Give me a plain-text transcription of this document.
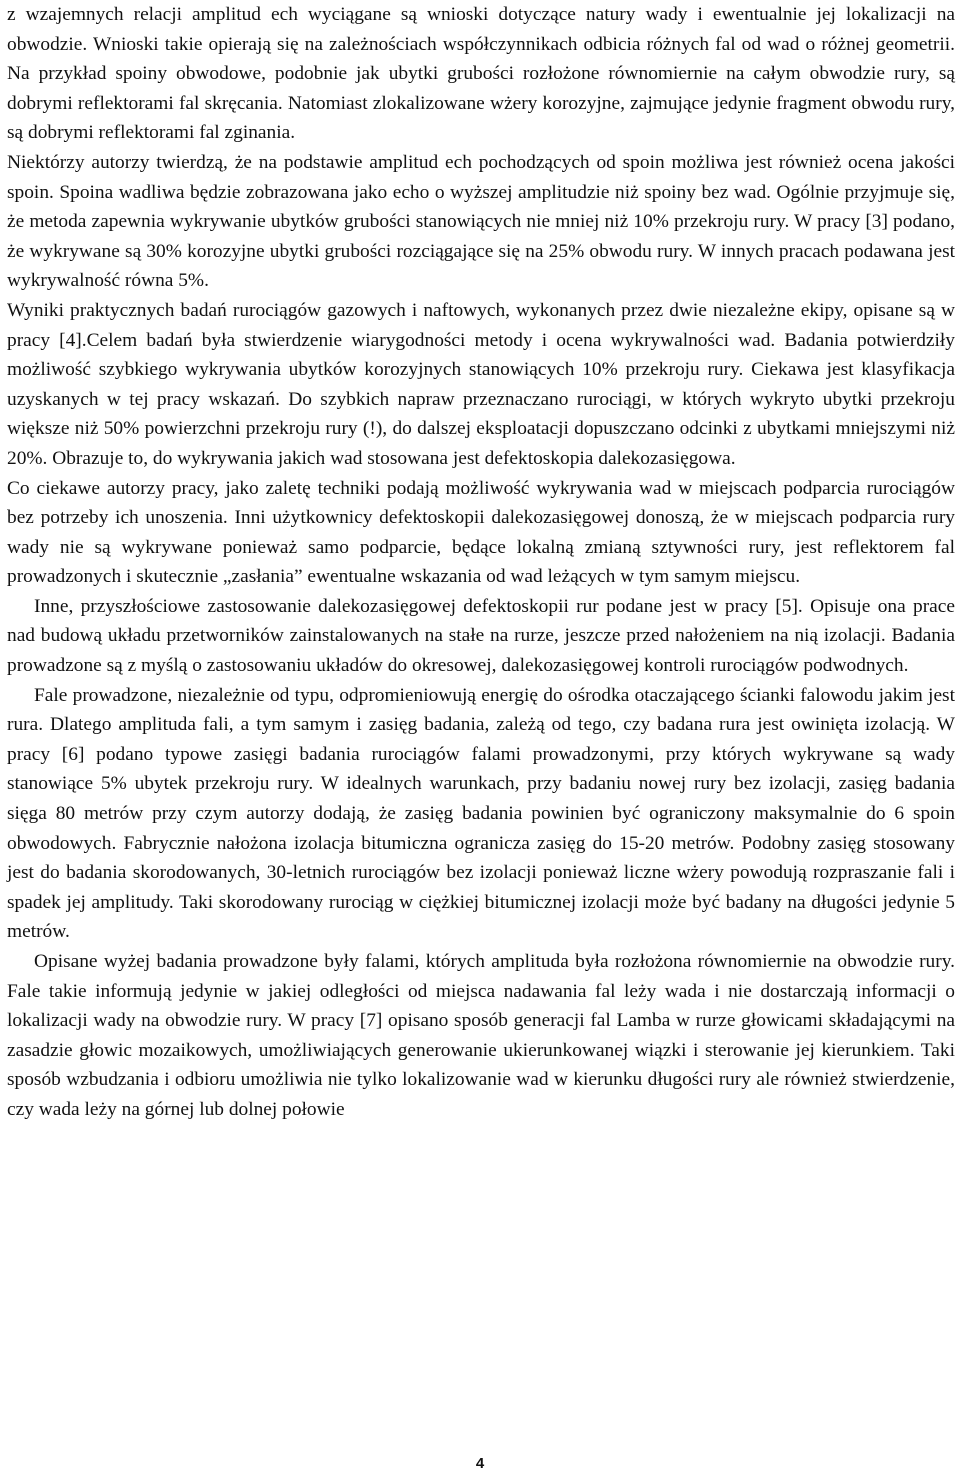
z wzajemnych relacji amplitud ech wyciągane są wnioski dotyczące natury wady i ewentualnie jej lokalizacji na obwodzie. Wnioski takie opierają się na zależnościach współczynnikach odbicia różnych fal od wad o różnej geometrii. Na przykład spoiny obwodowe, podobnie jak ubytki grubości rozłożone równomiernie na całym obwodzie rury, są dobrymi reflektorami fal skręcania. Natomiast zlokalizowane wżery korozyjne, zajmujące jedynie fragment obwodu rury, są dobrymi reflektorami fal zginania.

Niektórzy autorzy twierdzą, że na podstawie amplitud ech pochodzących od spoin możliwa jest również ocena jakości spoin. Spoina wadliwa będzie zobrazowana jako echo o wyższej amplitudzie niż spoiny bez wad. Ogólnie przyjmuje się, że metoda zapewnia wykrywanie ubytków grubości stanowiących nie mniej niż 10% przekroju rury. W pracy [3] podano, że wykrywane są 30% korozyjne ubytki grubości rozciągające się na 25% obwodu rury. W innych pracach podawana jest wykrywalność równa 5%.

Wyniki praktycznych badań rurociągów gazowych i naftowych, wykonanych przez dwie niezależne ekipy, opisane są w pracy [4].Celem badań była stwierdzenie wiarygodności metody i ocena wykrywalności wad. Badania potwierdziły możliwość szybkiego wykrywania ubytków korozyjnych stanowiących 10% przekroju rury. Ciekawa jest klasyfikacja uzyskanych w tej pracy wskazań. Do szybkich napraw przeznaczano rurociągi, w których wykryto ubytki przekroju większe niż 50% powierzchni przekroju rury (!), do dalszej eksploatacji dopuszczano odcinki z ubytkami mniejszymi niż 20%. Obrazuje to, do wykrywania jakich wad stosowana jest defektoskopia dalekozasięgowa.

Co ciekawe autorzy pracy, jako zaletę techniki podają możliwość wykrywania wad w miejscach podparcia rurociągów bez potrzeby ich unoszenia. Inni użytkownicy defektoskopii dalekozasięgowej donoszą, że w miejscach podparcia rury wady nie są wykrywane ponieważ samo podparcie, będące lokalną zmianą sztywności rury, jest reflektorem fal prowadzonych i skutecznie „zasłania” ewentualne wskazania od wad leżących w tym samym miejscu.

Inne, przyszłościowe zastosowanie dalekozasięgowej defektoskopii rur podane jest w pracy [5]. Opisuje ona prace nad budową układu przetworników zainstalowanych na stałe na rurze, jeszcze przed nałożeniem na nią izolacji. Badania prowadzone są z myślą o zastosowaniu układów do okresowej, dalekozasięgowej kontroli rurociągów podwodnych.

Fale prowadzone, niezależnie od typu, odpromieniowują energię do ośrodka otaczającego ścianki falowodu jakim jest rura. Dlatego amplituda fali, a tym samym i zasięg badania, zależą od tego, czy badana rura jest owinięta izolacją. W pracy [6] podano typowe zasięgi badania rurociągów falami prowadzonymi, przy których wykrywane są wady stanowiące 5% ubytek przekroju rury. W idealnych warunkach, przy badaniu nowej rury bez izolacji, zasięg badania sięga 80 metrów przy czym autorzy dodają, że zasięg badania powinien być ograniczony maksymalnie do 6 spoin obwodowych. Fabrycznie nałożona izolacja bitumiczna ogranicza zasięg do 15-20 metrów. Podobny zasięg stosowany jest do badania skorodowanych, 30-letnich rurociągów bez izolacji ponieważ liczne wżery powodują rozpraszanie fali i spadek jej amplitudy. Taki skorodowany rurociąg w ciężkiej bitumicznej izolacji może być badany na długości jedynie 5 metrów.

Opisane wyżej badania prowadzone były falami, których amplituda była rozłożona równomiernie na obwodzie rury. Fale takie informują jedynie w jakiej odległości od miejsca nadawania fal leży wada i nie dostarczają informacji o lokalizacji wady na obwodzie rury. W pracy [7] opisano sposób generacji fal Lamba w rurze głowicami składającymi na zasadzie głowic mozaikowych, umożliwiających generowanie ukierunkowanej wiązki i sterowanie jej kierunkiem. Taki sposób wzbudzania i odbioru umożliwia nie tylko lokalizowanie wad w kierunku długości rury ale również stwierdzenie, czy wada leży na górnej lub dolnej połowie

4
